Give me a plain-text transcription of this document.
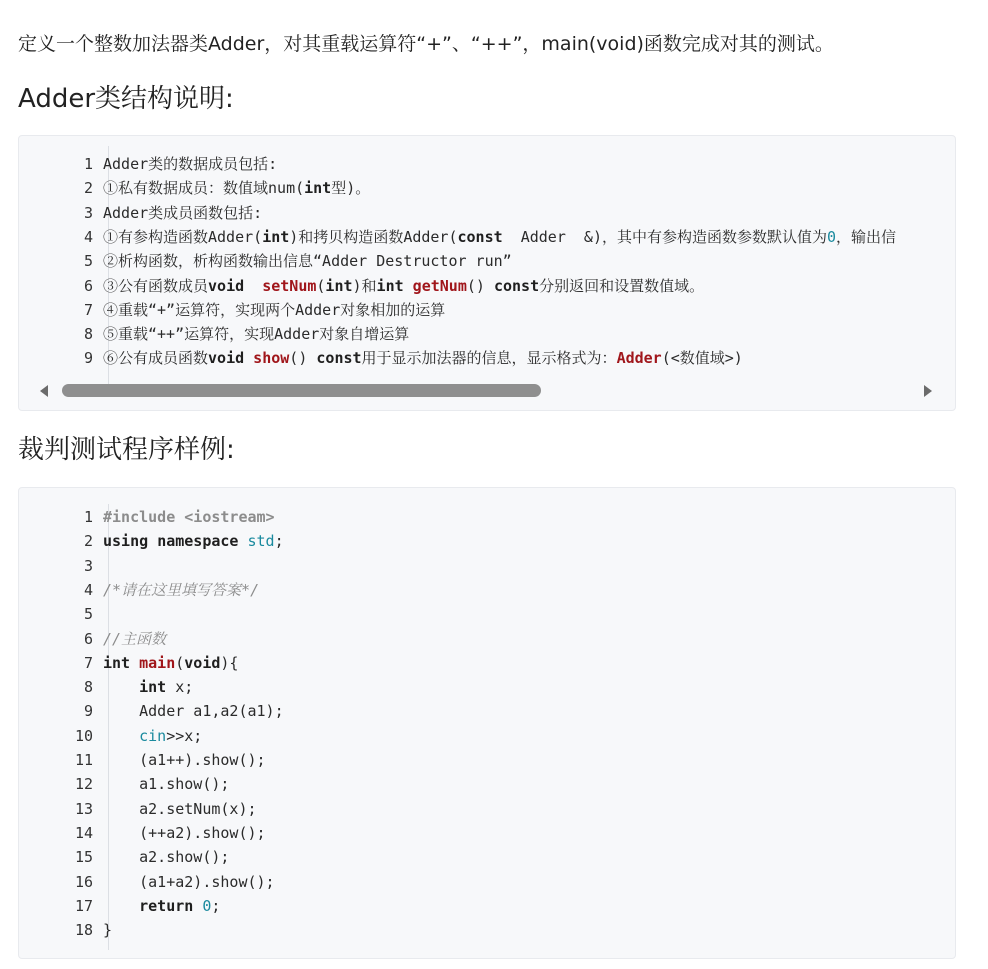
定义一个整数加法器类Adder，对其重载运算符“+”、“++”，main(void)函数完成对其的测试。
Adder类结构说明:
1 Adder类的数据成员包括:
2 ①私有数据成员：数值域num(int型)。
3 Adder类成员函数包括:
4 ①有参构造函数Adder(int)和拷贝构造函数Adder(const  Adder  &)，其中有参构造函数参数默认值为0，输出信
5 ②析构函数，析构函数输出信息“Adder Destructor run”
6 ③公有函数成员void setNum(int)和int getNum() const分别返回和设置数值域。
7 ④重载“+”运算符，实现两个Adder对象相加的运算
8 ⑤重载“++”运算符，实现Adder对象自增运算
9 ⑥公有成员函数void show() const用于显示加法器的信息，显示格式为：Adder(<数值域>)
裁判测试程序样例:
1 #include <iostream>
2 using namespace std;
3
4 /*请在这里填写答案*/
5
6 //主函数
7 int main(void){
8	int x;
9 Adder a1,a2(a1);
10	cin>>x;
11 (a1++).show();
12 a1.show();
13 a2.setNum(x);
14 (++a2).show();
15 a2.show();
16 (a1+a2).show();
17	return 0;
18 }
